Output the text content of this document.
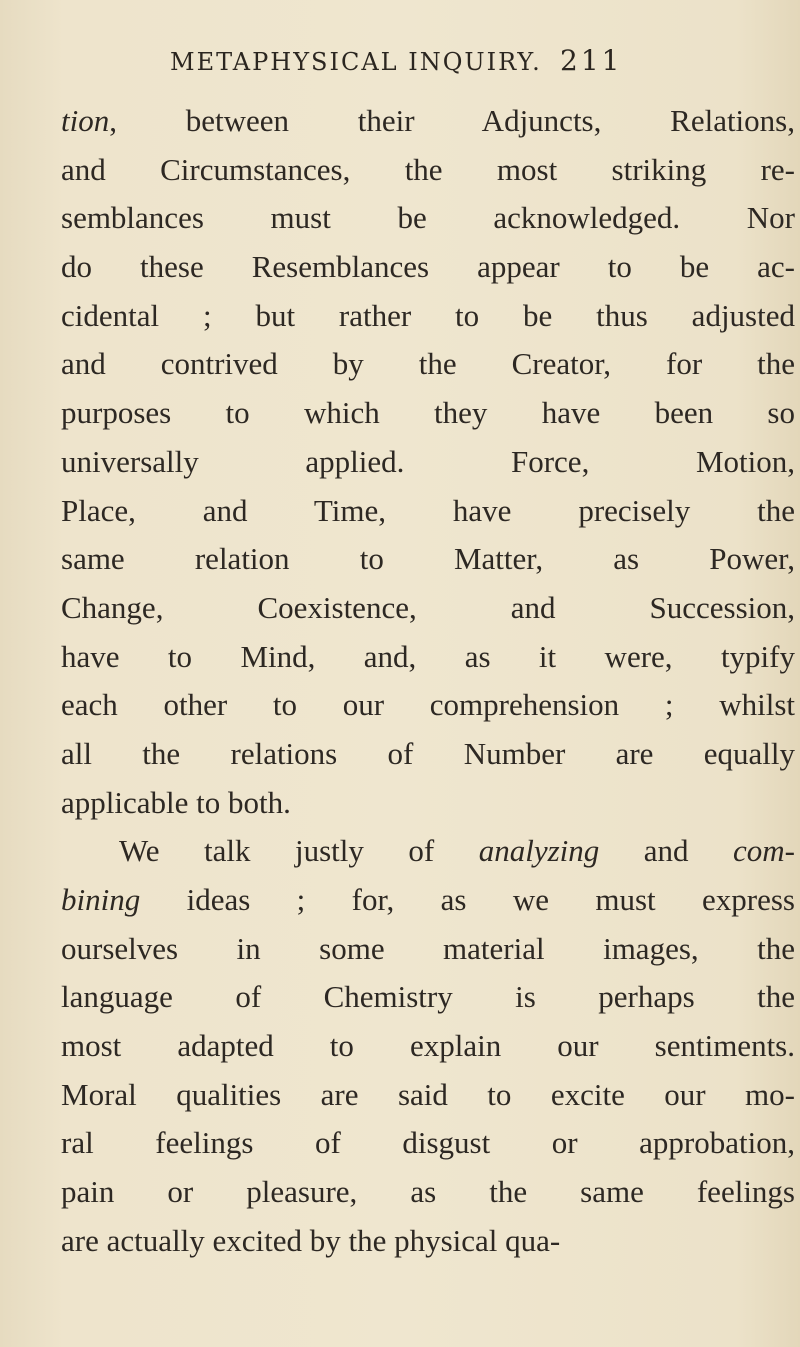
METAPHYSICAL INQUIRY. 211
tion, between their Adjuncts, Relations,
and Circumstances, the most striking re-
semblances must be acknowledged. Nor
do these Resemblances appear to be ac-
cidental ; but rather to be thus adjusted
and contrived by the Creator, for the
purposes to which they have been so
universally applied. Force, Motion,
Place, and Time, have precisely the
same relation to Matter, as Power,
Change, Coexistence, and Succession,
have to Mind, and, as it were, typify
each other to our comprehension ; whilst
all the relations of Number are equally
applicable to both.
We talk justly of analyzing and com-
bining ideas ; for, as we must express
ourselves in some material images, the
language of Chemistry is perhaps the
most adapted to explain our sentiments.
Moral qualities are said to excite our mo-
ral feelings of disgust or approbation,
pain or pleasure, as the same feelings
are actually excited by the physical qua-
